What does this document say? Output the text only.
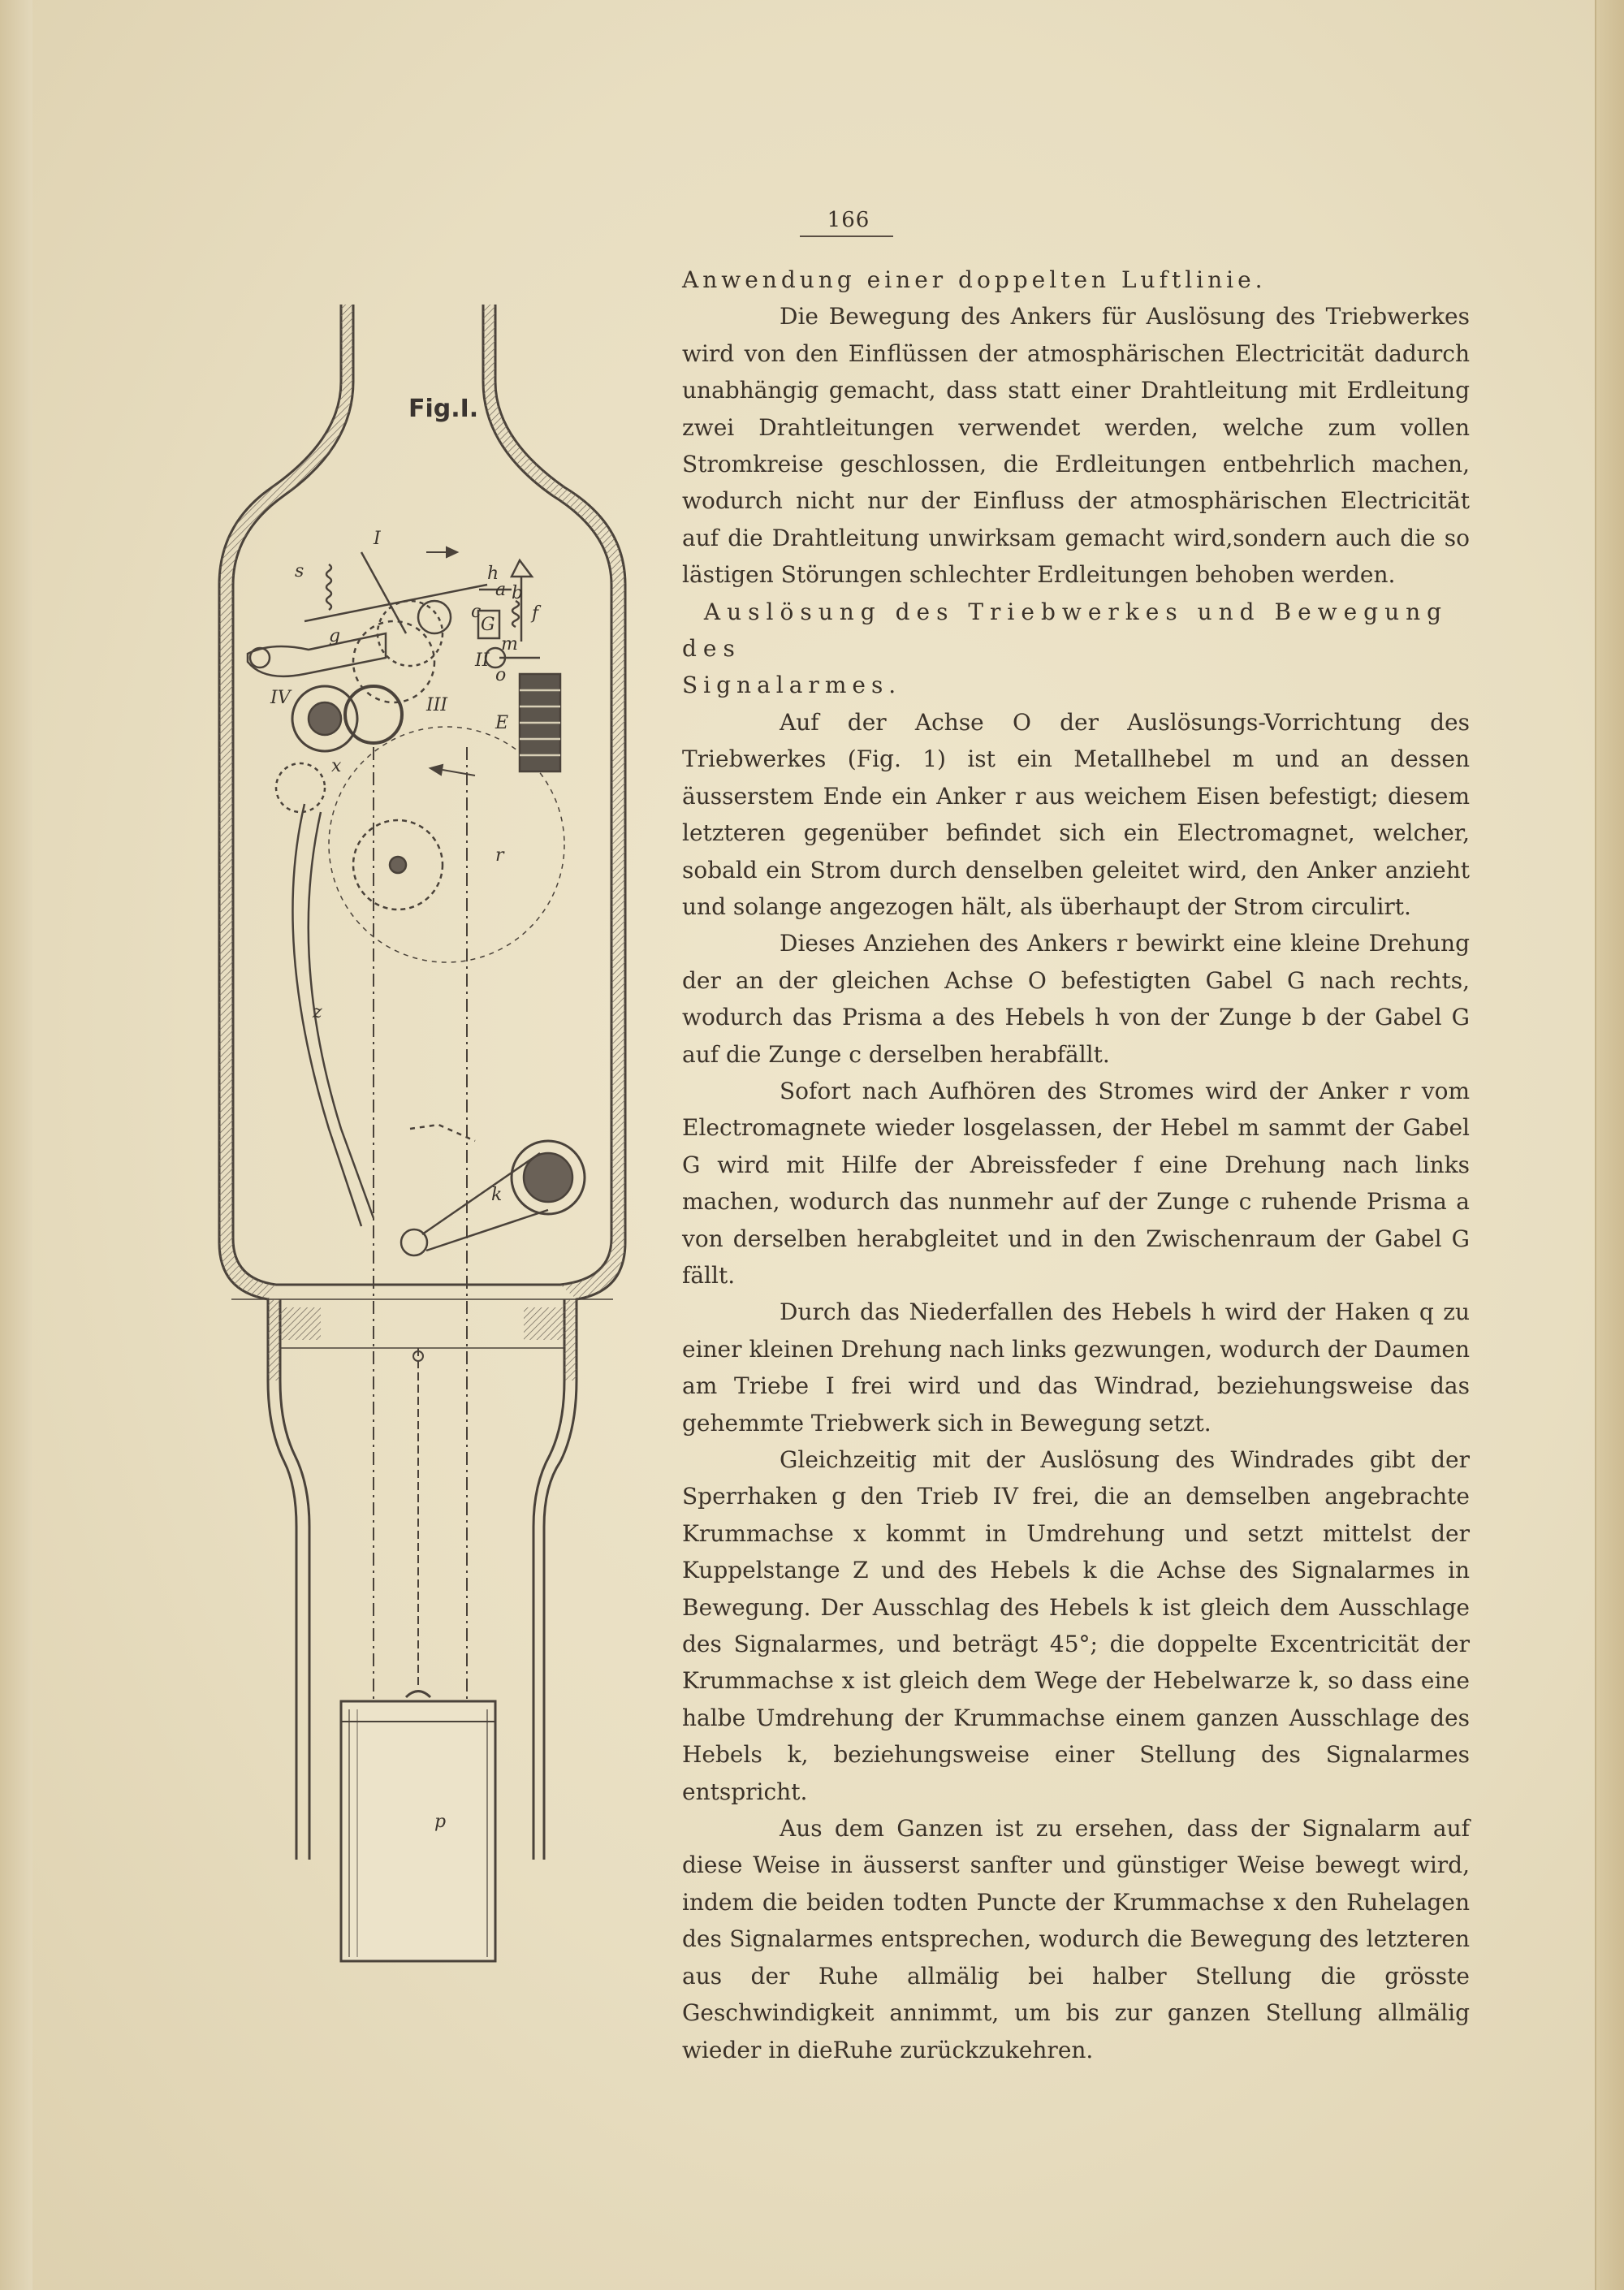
166
I
s	h
a b
c
G
m
f
g
II
o
III
IV
E
x
r
z
k
p
Fig.I.

Anwendung einer doppelten Luftlinie.

Die Bewegung des Ankers für Auslösung des Triebwerkes wird von den Einflüssen der atmosphärischen Electricität dadurch unabhängig gemacht, dass statt einer Drahtleitung mit Erdleitung zwei Drahtleitungen verwendet werden, welche zum vollen Stromkreise geschlossen, die Erdleitungen entbehrlich machen, wodurch nicht nur der Einfluss der atmosphärischen Electricität auf die Drahtleitung unwirksam gemacht wird,sondern auch die so lästigen Störungen schlechter Erdleitungen behoben werden.

Auslösung des Triebwerkes und Bewegung des

Signalarmes.

Auf der Achse O der Auslösungs-Vorrichtung des Triebwerkes (Fig. 1) ist ein Metallhebel m und an dessen äusserstem Ende ein Anker r aus weichem Eisen befestigt; diesem letzteren gegenüber befindet sich ein Electromagnet, welcher, sobald ein Strom durch denselben geleitet wird, den Anker anzieht und solange angezogen hält, als überhaupt der Strom circulirt.

Dieses Anziehen des Ankers r bewirkt eine kleine Drehung der an der gleichen Achse O befestigten Gabel G nach rechts, wodurch das Prisma a des Hebels h von der Zunge b der Gabel G auf die Zunge c derselben herabfällt.

Sofort nach Aufhören des Stromes wird der Anker r vom Electromagnete wieder losgelassen, der Hebel m sammt der Gabel G wird mit Hilfe der Abreissfeder f eine Drehung nach links machen, wodurch das nunmehr auf der Zunge c ruhende Prisma a von derselben herabgleitet und in den Zwischenraum der Gabel G fällt.

Durch das Niederfallen des Hebels h wird der Haken q zu einer kleinen Drehung nach links gezwungen, wodurch der Daumen am Triebe I frei wird und das Windrad, beziehungsweise das gehemmte Triebwerk sich in Bewegung setzt.

Gleichzeitig mit der Auslösung des Windrades gibt der Sperrhaken g den Trieb IV frei, die an demselben angebrachte Krummachse x kommt in Umdrehung und setzt mittelst der Kuppelstange Z und des Hebels k die Achse des Signalarmes in Bewegung. Der Ausschlag des Hebels k ist gleich dem Ausschlage des Signalarmes, und beträgt 45°; die doppelte Excentricität der Krummachse x ist gleich dem Wege der Hebelwarze k, so dass eine halbe Umdrehung der Krummachse einem ganzen Ausschlage des Hebels k, beziehungsweise einer Stellung des Signalarmes entspricht.

Aus dem Ganzen ist zu ersehen, dass der Signalarm auf diese Weise in äusserst sanfter und günstiger Weise bewegt wird, indem die beiden todten Puncte der Krummachse x den Ruhelagen des Signalarmes entsprechen, wodurch die Bewegung des letzteren aus der Ruhe allmälig bei halber Stellung die grösste Geschwindigkeit annimmt, um bis zur ganzen Stellung allmälig wieder in dieRuhe zurückzukehren.
